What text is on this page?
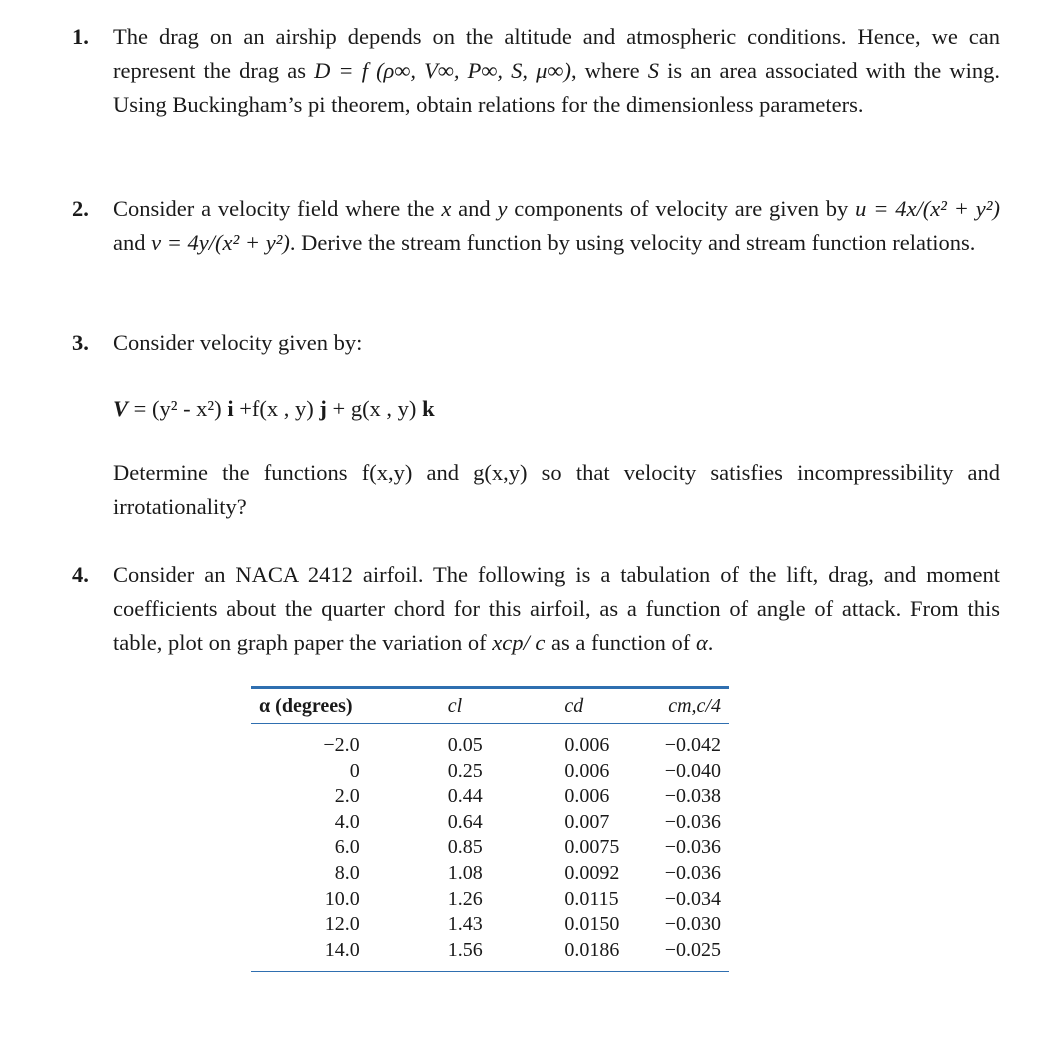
1. The drag on an airship depends on the altitude and atmospheric conditions. Hence, we can represent the drag as D = f (ρ∞, V∞, P∞, S, μ∞), where S is an area associated with the wing. Using Buckingham’s pi theorem, obtain relations for the dimensionless parameters.
2. Consider a velocity field where the x and y components of velocity are given by u = 4x/(x² + y²) and v = 4y/(x² + y²). Derive the stream function by using velocity and stream function relations.
3. Consider velocity given by:
V = (y² - x²) i +f(x , y) j + g(x , y) k
Determine the functions f(x,y) and g(x,y) so that velocity satisfies incompressibility and irrotationality?
4. Consider an NACA 2412 airfoil. The following is a tabulation of the lift, drag, and moment coefficients about the quarter chord for this airfoil, as a function of angle of attack. From this table, plot on graph paper the variation of xcp/ c as a function of α.
α (degrees)	cl	cd	cm,c/4
−2.0	0.05	0.006	−0.042
0	0.25	0.006	−0.040
2.0	0.44	0.006	−0.038
4.0	0.64	0.007	−0.036
6.0	0.85	0.0075	−0.036
8.0	1.08	0.0092	−0.036
10.0	1.26	0.0115	−0.034
12.0	1.43	0.0150	−0.030
14.0	1.56	0.0186	−0.025
